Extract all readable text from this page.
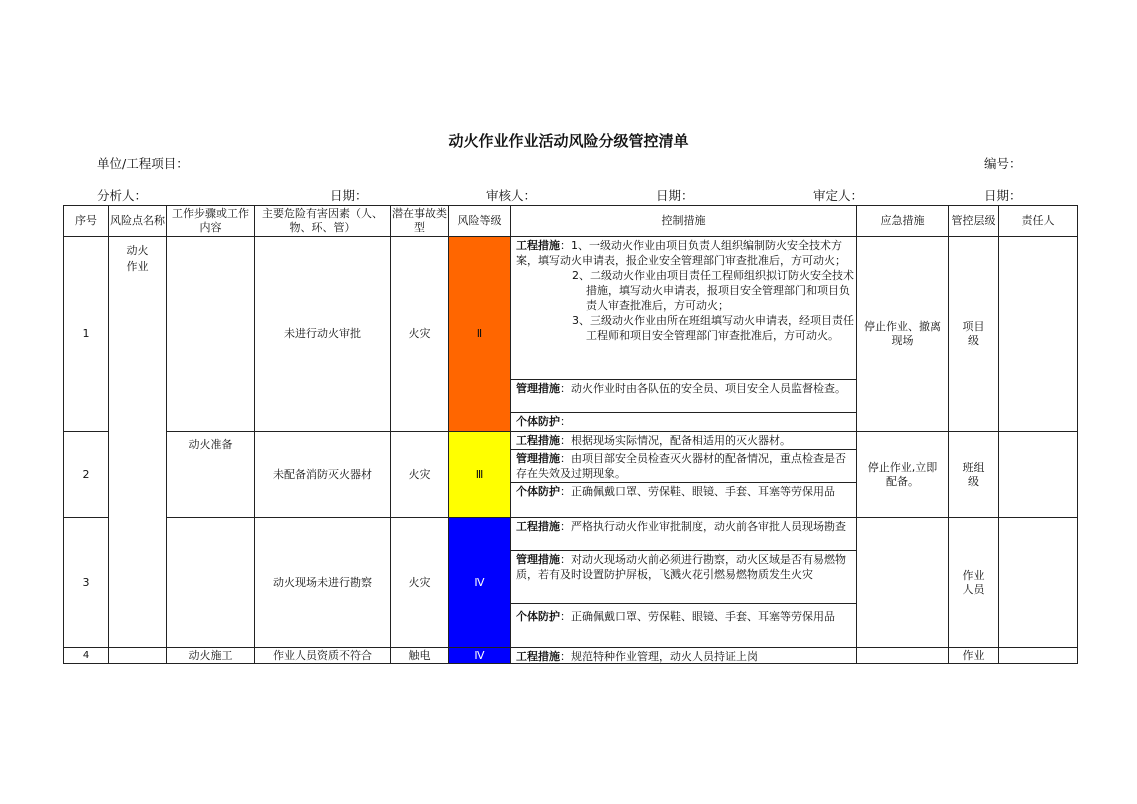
动火作业作业活动风险分级管控清单
单位/工程项目：	编号：
分析人：	日期：	审核人：	日期：	审定人：	日期：
序号	风险点名称	工作步骤或工作内容	主要危险有害因素（人、物、环、管）	潜在事故类型	风险等级	控制措施	应急措施	管控层级	责任人
1	动火作业		未进行动火审批	火灾	Ⅱ	工程措施：1、一级动火作业由项目负责人组织编制防火安全技术方案，填写动火申请表，报企业安全管理部门审查批准后，方可动火；
2、二级动火作业由项目责任工程师组织拟订防火安全技术措施，填写动火申请表，报项目安全管理部门和项目负责人审查批准后，方可动火；
3、三级动火作业由所在班组填写动火申请表，经项目责任工程师和项目安全管理部门审查批准后，方可动火。
管理措施：动火作业时由各队伍的安全员、项目安全人员监督检查。
个体防护：	停止作业、撤离现场	项目级	
2		动火准备	未配备消防灭火器材	火灾	Ⅲ	工程措施：根据现场实际情况，配备相适用的灭火器材。
管理措施：由项目部安全员检查灭火器材的配备情况，重点检查是否存在失效及过期现象。
个体防护：正确佩戴口罩、劳保鞋、眼镜、手套、耳塞等劳保用品	停止作业,立即配备。	班组级	
3			动火现场未进行勘察	火灾	Ⅳ	工程措施：严格执行动火作业审批制度，动火前各审批人员现场勘查
管理措施：对动火现场动火前必须进行勘察，动火区域是否有易燃物质，若有及时设置防护屏板，飞溅火花引燃易燃物质发生火灾
个体防护：正确佩戴口罩、劳保鞋、眼镜、手套、耳塞等劳保用品		作业人员	
4		动火施工	作业人员资质不符合	触电	Ⅳ	工程措施：规范特种作业管理，动火人员持证上岗		作业	
